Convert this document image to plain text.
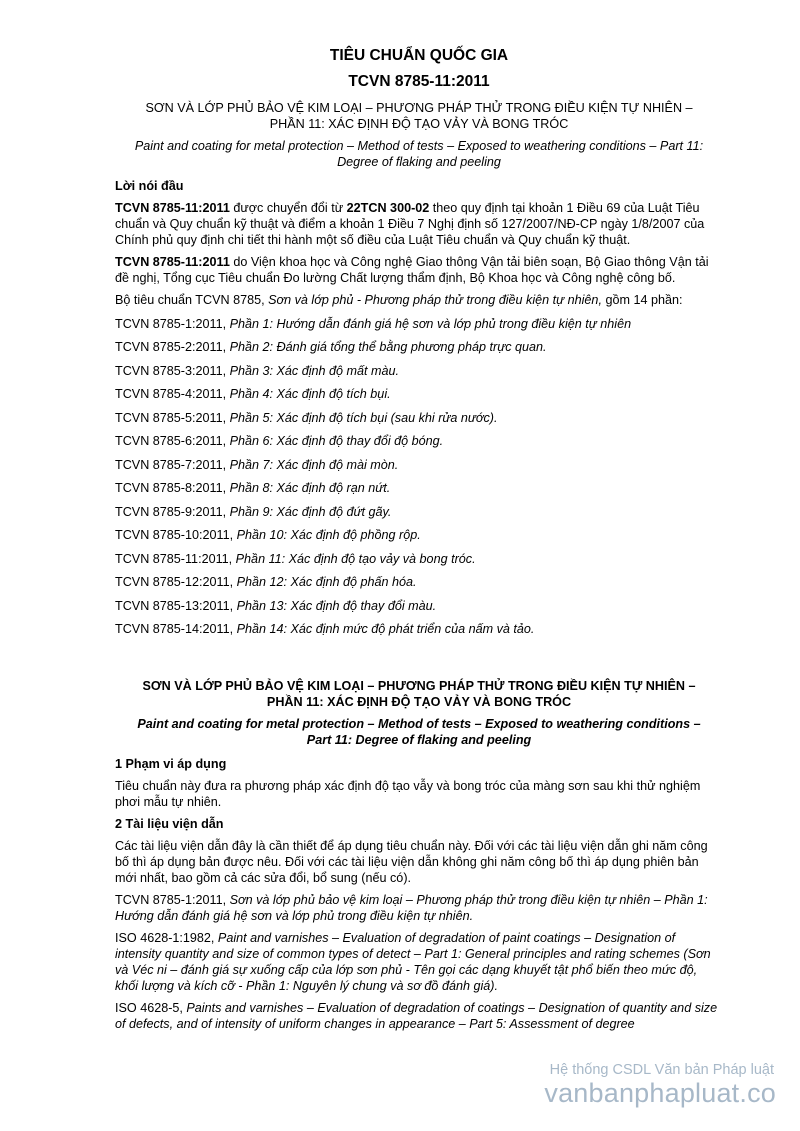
TIÊU CHUẨN QUỐC GIA
TCVN 8785-11:2011
SƠN VÀ LỚP PHỦ BẢO VỆ KIM LOẠI – PHƯƠNG PHÁP THỬ TRONG ĐIỀU KIỆN TỰ NHIÊN –
PHẦN 11: XÁC ĐỊNH ĐỘ TẠO VẢY VÀ BONG TRÓC
Paint and coating for metal protection – Method of tests – Exposed to weathering conditions – Part 11:
Degree of flaking and peeling
Lời nói đầu

TCVN 8785-11:2011 được chuyển đổi từ 22TCN 300-02 theo quy định tại khoản 1 Điều 69 của Luật Tiêu chuẩn và Quy chuẩn kỹ thuật và điểm a khoản 1 Điều 7 Nghị định số 127/2007/NĐ-CP ngày 1/8/2007 của Chính phủ quy định chi tiết thi hành một số điều của Luật Tiêu chuẩn và Quy chuẩn kỹ thuật.

TCVN 8785-11:2011 do Viện khoa học và Công nghệ Giao thông Vận tải biên soạn, Bộ Giao thông Vận tải đề nghị, Tổng cục Tiêu chuẩn Đo lường Chất lượng thẩm định, Bộ Khoa học và Công nghệ công bố.

Bộ tiêu chuẩn TCVN 8785, Sơn và lớp phủ - Phương pháp thử trong điều kiện tự nhiên, gồm 14 phần:

TCVN 8785-1:2011, Phần 1: Hướng dẫn đánh giá hệ sơn và lớp phủ trong điều kiện tự nhiên

TCVN 8785-2:2011, Phần 2: Đánh giá tổng thể bằng phương pháp trực quan.

TCVN 8785-3:2011, Phần 3: Xác định độ mất màu.

TCVN 8785-4:2011, Phần 4: Xác định độ tích bụi.

TCVN 8785-5:2011, Phần 5: Xác định độ tích bụi (sau khi rửa nước).

TCVN 8785-6:2011, Phần 6: Xác định độ thay đổi độ bóng.

TCVN 8785-7:2011, Phần 7: Xác định độ mài mòn.

TCVN 8785-8:2011, Phần 8: Xác định độ rạn nứt.

TCVN 8785-9:2011, Phần 9: Xác định độ đứt gãy.

TCVN 8785-10:2011, Phần 10: Xác định độ phồng rộp.

TCVN 8785-11:2011, Phần 11: Xác định độ tạo vảy và bong tróc.

TCVN 8785-12:2011, Phần 12: Xác định độ phấn hóa.

TCVN 8785-13:2011, Phần 13: Xác định độ thay đổi màu.

TCVN 8785-14:2011, Phần 14: Xác định mức độ phát triển của nấm và tảo.

SƠN VÀ LỚP PHỦ BẢO VỆ KIM LOẠI – PHƯƠNG PHÁP THỬ TRONG ĐIỀU KIỆN TỰ NHIÊN –
PHẦN 11: XÁC ĐỊNH ĐỘ TẠO VẢY VÀ BONG TRÓC
Paint and coating for metal protection – Method of tests – Exposed to weathering conditions –
Part 11: Degree of flaking and peeling
1 Phạm vi áp dụng

Tiêu chuẩn này đưa ra phương pháp xác định độ tạo vẫy và bong tróc của màng sơn sau khi thử nghiệm phơi mẫu tự nhiên.

2 Tài liệu viện dẫn

Các tài liệu viện dẫn đây là cần thiết để áp dụng tiêu chuẩn này. Đối với các tài liệu viện dẫn ghi năm công bố thì áp dụng bản được nêu. Đối với các tài liệu viện dẫn không ghi năm công bố thì áp dụng phiên bản mới nhất, bao gồm cả các sửa đổi, bổ sung (nếu có).

TCVN 8785-1:2011, Sơn và lớp phủ bảo vệ kim loại – Phương pháp thử trong điều kiện tự nhiên – Phần 1: Hướng dẫn đánh giá hệ sơn và lớp phủ trong điều kiện tự nhiên.

ISO 4628-1:1982, Paint and varnishes – Evaluation of degradation of paint coatings – Designation of intensity quantity and size of common types of detect – Part 1: General principles and rating schemes (Sơn và Véc ni – đánh giá sự xuống cấp của lớp sơn phủ - Tên gọi các dạng khuyết tật phổ biến theo mức độ, khối lượng và kích cỡ - Phần 1: Nguyên lý chung và sơ đồ đánh giá).

ISO 4628-5, Paints and varnishes – Evaluation of degradation of coatings – Designation of quantity and size of defects, and of intensity of uniform changes in appearance – Part 5: Assessment of degree

Hệ thống CSDL Văn bản Pháp luật
vanbanphapluat.co
